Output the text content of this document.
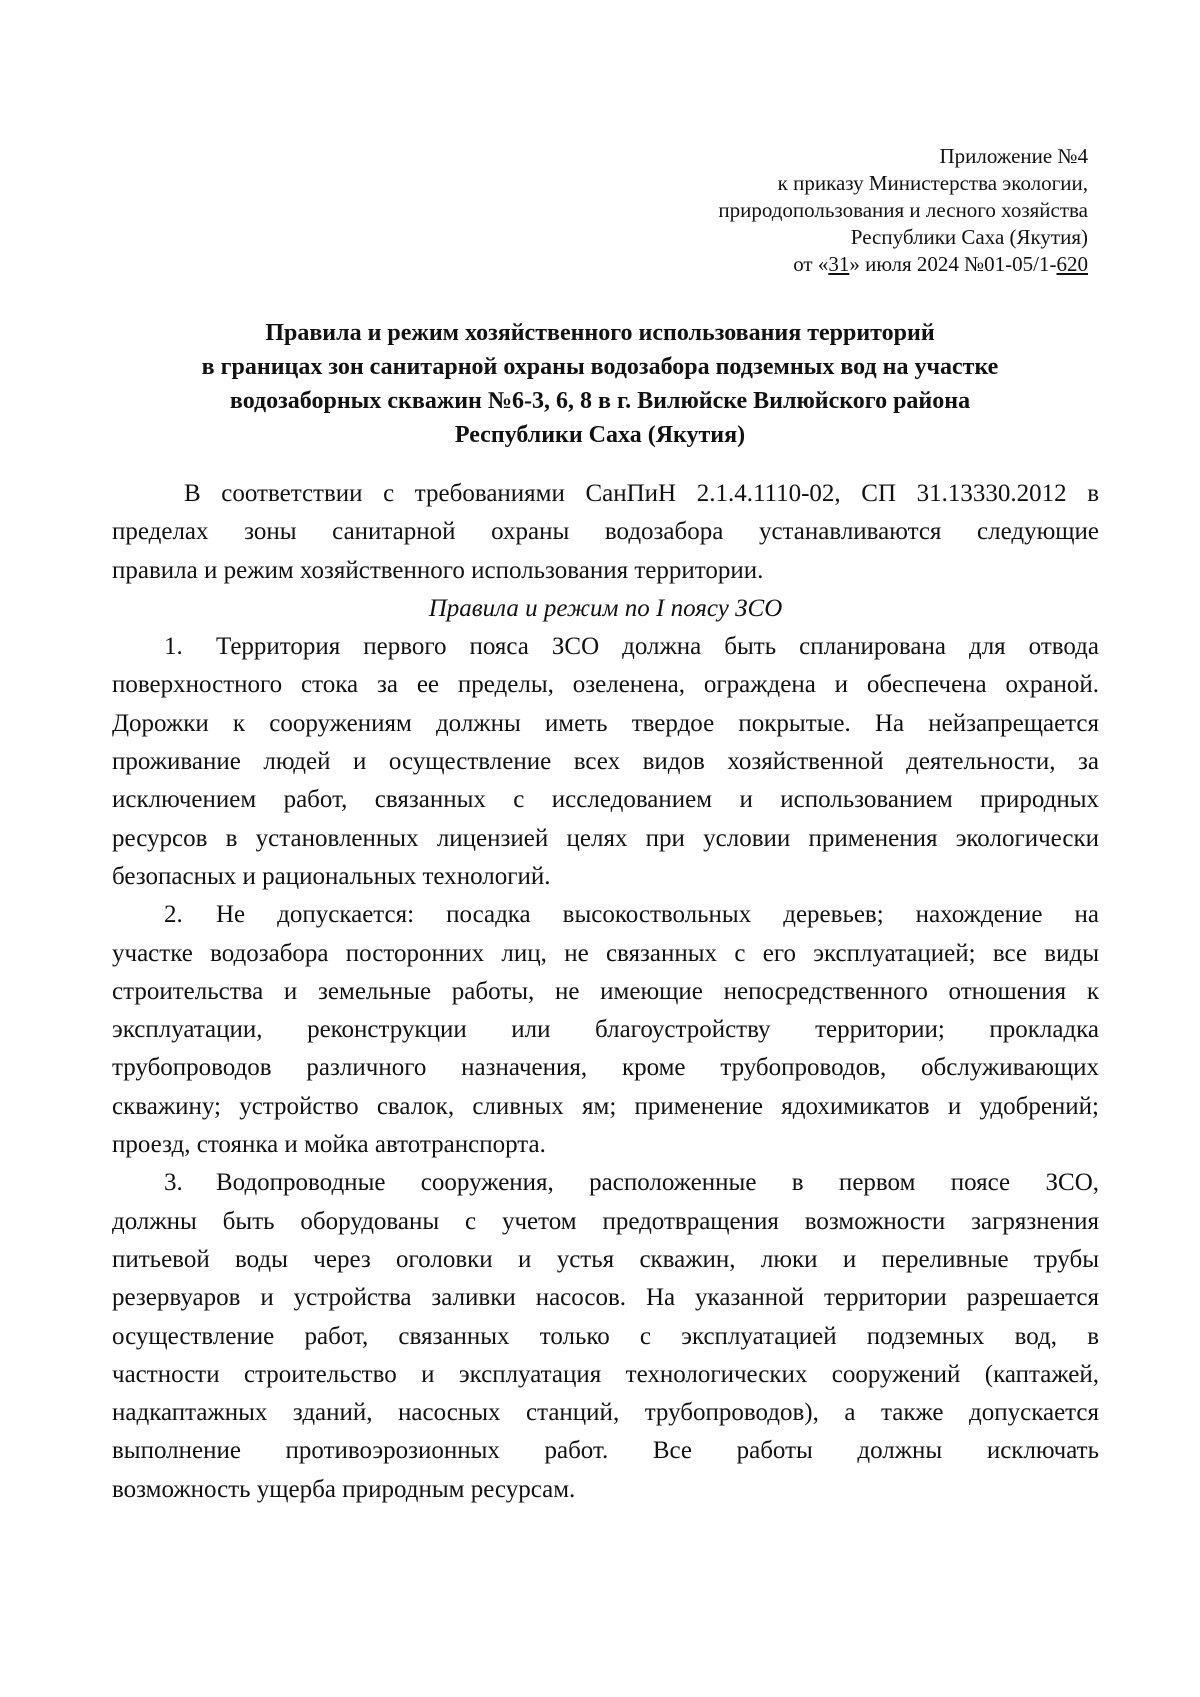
Приложение №4
к приказу Министерства экологии,
природопользования и лесного хозяйства
Республики Саха (Якутия)
от «31» июля 2024 №01-05/1-620
Правила и режим хозяйственного использования территорий
в границах зон санитарной охраны водозабора подземных вод на участке
водозаборных скважин №6-3, 6, 8 в г. Вилюйске Вилюйского района
Республики Саха (Якутия)
В соответствии с требованиями СанПиН 2.1.4.1110-02, СП 31.13330.2012 в
пределах зоны санитарной охраны водозабора устанавливаются следующие
правила и режим хозяйственного использования территории.
Правила и режим по I поясу ЗСО
1. Территория первого пояса ЗСО должна быть спланирована для отвода
поверхностного стока за ее пределы, озеленена, ограждена и обеспечена охраной.
Дорожки к сооружениям должны иметь твердое покрытые. На нейзапрещается
проживание людей и осуществление всех видов хозяйственной деятельности, за
исключением работ, связанных с исследованием и использованием природных
ресурсов в установленных лицензией целях при условии применения экологически
безопасных и рациональных технологий.
2. Не допускается: посадка высокоствольных деревьев; нахождение на
участке водозабора посторонних лиц, не связанных с его эксплуатацией; все виды
строительства и земельные работы, не имеющие непосредственного отношения к
эксплуатации, реконструкции или благоустройству территории; прокладка
трубопроводов различного назначения, кроме трубопроводов, обслуживающих
скважину; устройство свалок, сливных ям; применение ядохимикатов и удобрений;
проезд, стоянка и мойка автотранспорта.
3. Водопроводные сооружения, расположенные в первом поясе ЗСО,
должны быть оборудованы с учетом предотвращения возможности загрязнения
питьевой воды через оголовки и устья скважин, люки и переливные трубы
резервуаров и устройства заливки насосов. На указанной территории разрешается
осуществление работ, связанных только с эксплуатацией подземных вод, в
частности строительство и эксплуатация технологических сооружений (каптажей,
надкаптажных зданий, насосных станций, трубопроводов), а также допускается
выполнение противоэрозионных работ. Все работы должны исключать
возможность ущерба природным ресурсам.
